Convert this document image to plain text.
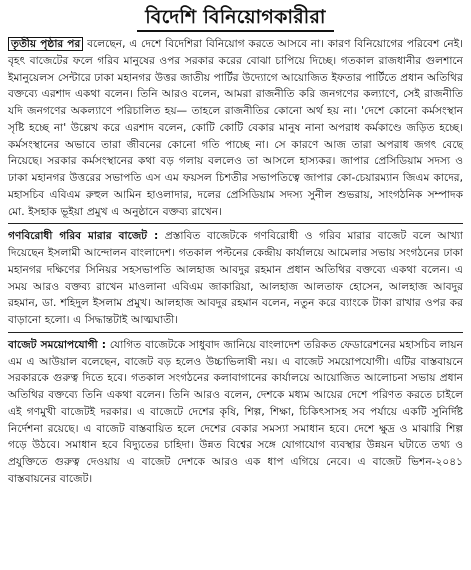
বিদেশি বিনিয়োগকারীরা

তৃতীয় পৃষ্ঠার পর বলেছেন, এ দেশে বিদেশিরা বিনিয়োগ করতে আসবে না। কারণ বিনিয়োগের পরিবেশ নেই। বৃহৎ বাজেটের ফলে গরিব মানুষের ওপর সরকার করের বোঝা চাপিয়ে দিচ্ছে। গতকাল রাজধানীর গুলশানে ইমানুয়েলস সেন্টারে ঢাকা মহানগর উত্তর জাতীয় পার্টির উদ্যোগে আয়োজিত ইফতার পার্টিতে প্রধান অতিথির বক্তব্যে এরশাদ একথা বলেন। তিনি আরও বলেন, আমরা রাজনীতি করি জনগণের কল্যাণে, সেই রাজনীতি যদি জনগণের অকল্যাণে পরিচালিত হয়— তাহলে রাজনীতির কোনো অর্থ হয় না। 'দেশে কোনো কর্মসংস্থান সৃষ্টি হচ্ছে না' উল্লেখ করে এরশাদ বলেন, কোটি কোটি বেকার মানুষ নানা অপরাধ কর্মকাণ্ডে জড়িত হচ্ছে। কর্মসংস্থানের অভাবে তারা জীবনের কোনো গতি পাচ্ছে না। সে কারণে আজ তারা অপরাধ জগৎ বেছে নিয়েছে। সরকার কর্মসংস্থানের কথা বড় গলায় বললেও তা আসলে হাস্যকর। জাপার প্রেসিডিয়াম সদস্য ও ঢাকা মহানগর উত্তরের সভাপতি এস এম ফয়সল চিশতীর সভাপতিত্বে জাপার কো-চেয়ারম্যান জিএম কাদের, মহাসচিব এবিএম রুহুল আমিন হাওলাদার, দলের প্রেসিডিয়াম সদস্য সুনীল শুভরায়, সাংগঠনিক সম্পাদক মো. ইসহাক ভূইয়া প্রমুখ এ অনুষ্ঠানে বক্তব্য রাখেন।

গণবিরোধী গরিব মারার বাজেট : প্রস্তাবিত বাজেটকে গণবিরোধী ও গরিব মারার বাজেট বলে আখ্যা দিয়েছেন ইসলামী আন্দোলন বাংলাদেশ। গতকাল পল্টনের কেন্দ্রীয় কার্যালয়ে আমেলার সভায় সংগঠনের ঢাকা মহানগর দক্ষিণের সিনিয়র সহসভাপতি আলহাজ আবদুর রহমান প্রধান অতিথির বক্তব্যে একথা বলেন। এ সময় আরও বক্তব্য রাখেন মাওলানা এবিএম জাকারিয়া, আলহাজ আলতাফ হোসেন, আলহাজ আবদুর রহমান, ডা. শহিদুল ইসলাম প্রমুখ। আলহাজ আবদুর রহমান বলেন, নতুন করে ব্যাংকে টাকা রাখার ওপর কর বাড়ানো হলো। এ সিদ্ধান্তটাই আত্মঘাতী।

বাজেট সময়োপযোগী : যোগিত বাজেটকে সাধুবাদ জানিয়ে বাংলাদেশ তরিকত ফেডারেশনের মহাসচিব লায়ন এম এ আউয়াল বলেছেন, বাজেট বড় হলেও উচ্চাভিলাষী নয়। এ বাজেট সময়োপযোগী। এটির বাস্তবায়নে সরকারকে গুরুত্ব দিতে হবে। গতকাল সংগঠনের কলাবাগানের কার্যালয়ে আয়োজিত আলোচনা সভায় প্রধান অতিথির বক্তব্যে তিনি একথা বলেন। তিনি আরও বলেন, দেশকে মধ্যম আয়ের দেশে পরিণত করতে চাইলে এই গণমুখী বাজেটই দরকার। এ বাজেটে দেশের কৃষি, শিল্প, শিক্ষা, চিকিৎসাসহ সব পর্যায়ে একটি সুনির্দিষ্ট নির্দেশনা রয়েছে। এ বাজেট বাস্তবায়িত হলে দেশের বেকার সমস্যা সমাধান হবে। দেশে ক্ষুদ্র ও মাঝারি শিল্প গড়ে উঠবে। সমাধান হবে বিদ্যুতের চাহিদা। উন্নত বিশ্বের সঙ্গে যোগাযোগ ব্যবস্থার উন্নয়ন ঘটাতে তথ্য ও প্রযুক্তিতে গুরুত্ব দেওয়ায় এ বাজেট দেশকে আরও এক ধাপ এগিয়ে নেবে। এ বাজেট ভিশন-২০৪১ বাস্তবায়নের বাজেট।
